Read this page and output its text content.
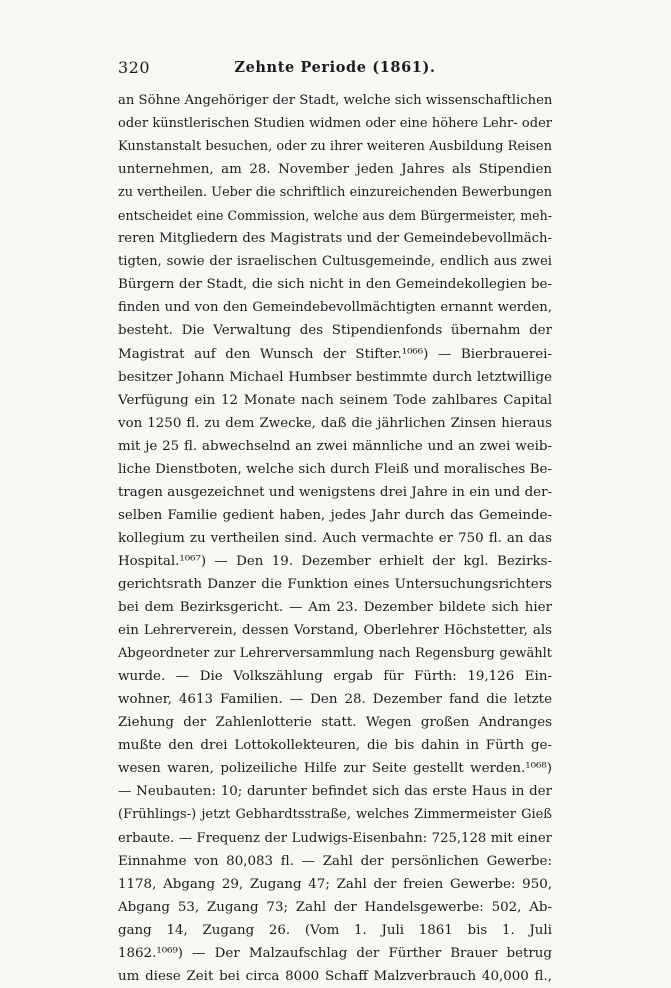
320	Zehnte Periode (1861).
an Söhne Angehöriger der Stadt, welche sich wissenschaftlichen
oder künstlerischen Studien widmen oder eine höhere Lehr- oder
Kunstanstalt besuchen, oder zu ihrer weiteren Ausbildung Reisen
unternehmen, am 28. November jeden Jahres als Stipendien
zu vertheilen. Ueber die schriftlich einzureichenden Bewerbungen
entscheidet eine Commission, welche aus dem Bürgermeister, meh-
reren Mitgliedern des Magistrats und der Gemeindebevollmäch-
tigten, sowie der israelischen Cultusgemeinde, endlich aus zwei
Bürgern der Stadt, die sich nicht in den Gemeindekollegien be-
finden und von den Gemeindebevollmächtigten ernannt werden,
besteht. Die Verwaltung des Stipendienfonds übernahm der
Magistrat auf den Wunsch der Stifter.¹⁰⁶⁶) — Bierbrauerei-
besitzer Johann Michael Humbser bestimmte durch letztwillige
Verfügung ein 12 Monate nach seinem Tode zahlbares Capital
von 1250 fl. zu dem Zwecke, daß die jährlichen Zinsen hieraus
mit je 25 fl. abwechselnd an zwei männliche und an zwei weib-
liche Dienstboten, welche sich durch Fleiß und moralisches Be-
tragen ausgezeichnet und wenigstens drei Jahre in ein und der-
selben Familie gedient haben, jedes Jahr durch das Gemeinde-
kollegium zu vertheilen sind. Auch vermachte er 750 fl. an das
Hospital.¹⁰⁶⁷) — Den 19. Dezember erhielt der kgl. Bezirks-
gerichtsrath Danzer die Funktion eines Untersuchungsrichters
bei dem Bezirksgericht. — Am 23. Dezember bildete sich hier
ein Lehrerverein, dessen Vorstand, Oberlehrer Höchstetter, als
Abgeordneter zur Lehrerversammlung nach Regensburg gewählt
wurde. — Die Volkszählung ergab für Fürth: 19,126 Ein-
wohner, 4613 Familien. — Den 28. Dezember fand die letzte
Ziehung der Zahlenlotterie statt. Wegen großen Andranges
mußte den drei Lottokollekteuren, die bis dahin in Fürth ge-
wesen waren, polizeiliche Hilfe zur Seite gestellt werden.¹⁰⁶⁸)
— Neubauten: 10; darunter befindet sich das erste Haus in der
(Frühlings-) jetzt Gebhardtsstraße, welches Zimmermeister Gieß
erbaute. — Frequenz der Ludwigs-Eisenbahn: 725,128 mit einer
Einnahme von 80,083 fl. — Zahl der persönlichen Gewerbe:
1178, Abgang 29, Zugang 47; Zahl der freien Gewerbe: 950,
Abgang 53, Zugang 73; Zahl der Handelsgewerbe: 502, Ab-
gang 14, Zugang 26. (Vom 1. Juli 1861 bis 1. Juli
1862.¹⁰⁶⁹) — Der Malzaufschlag der Fürther Brauer betrug
um diese Zeit bei circa 8000 Schaff Malzverbrauch 40,000 fl.,
